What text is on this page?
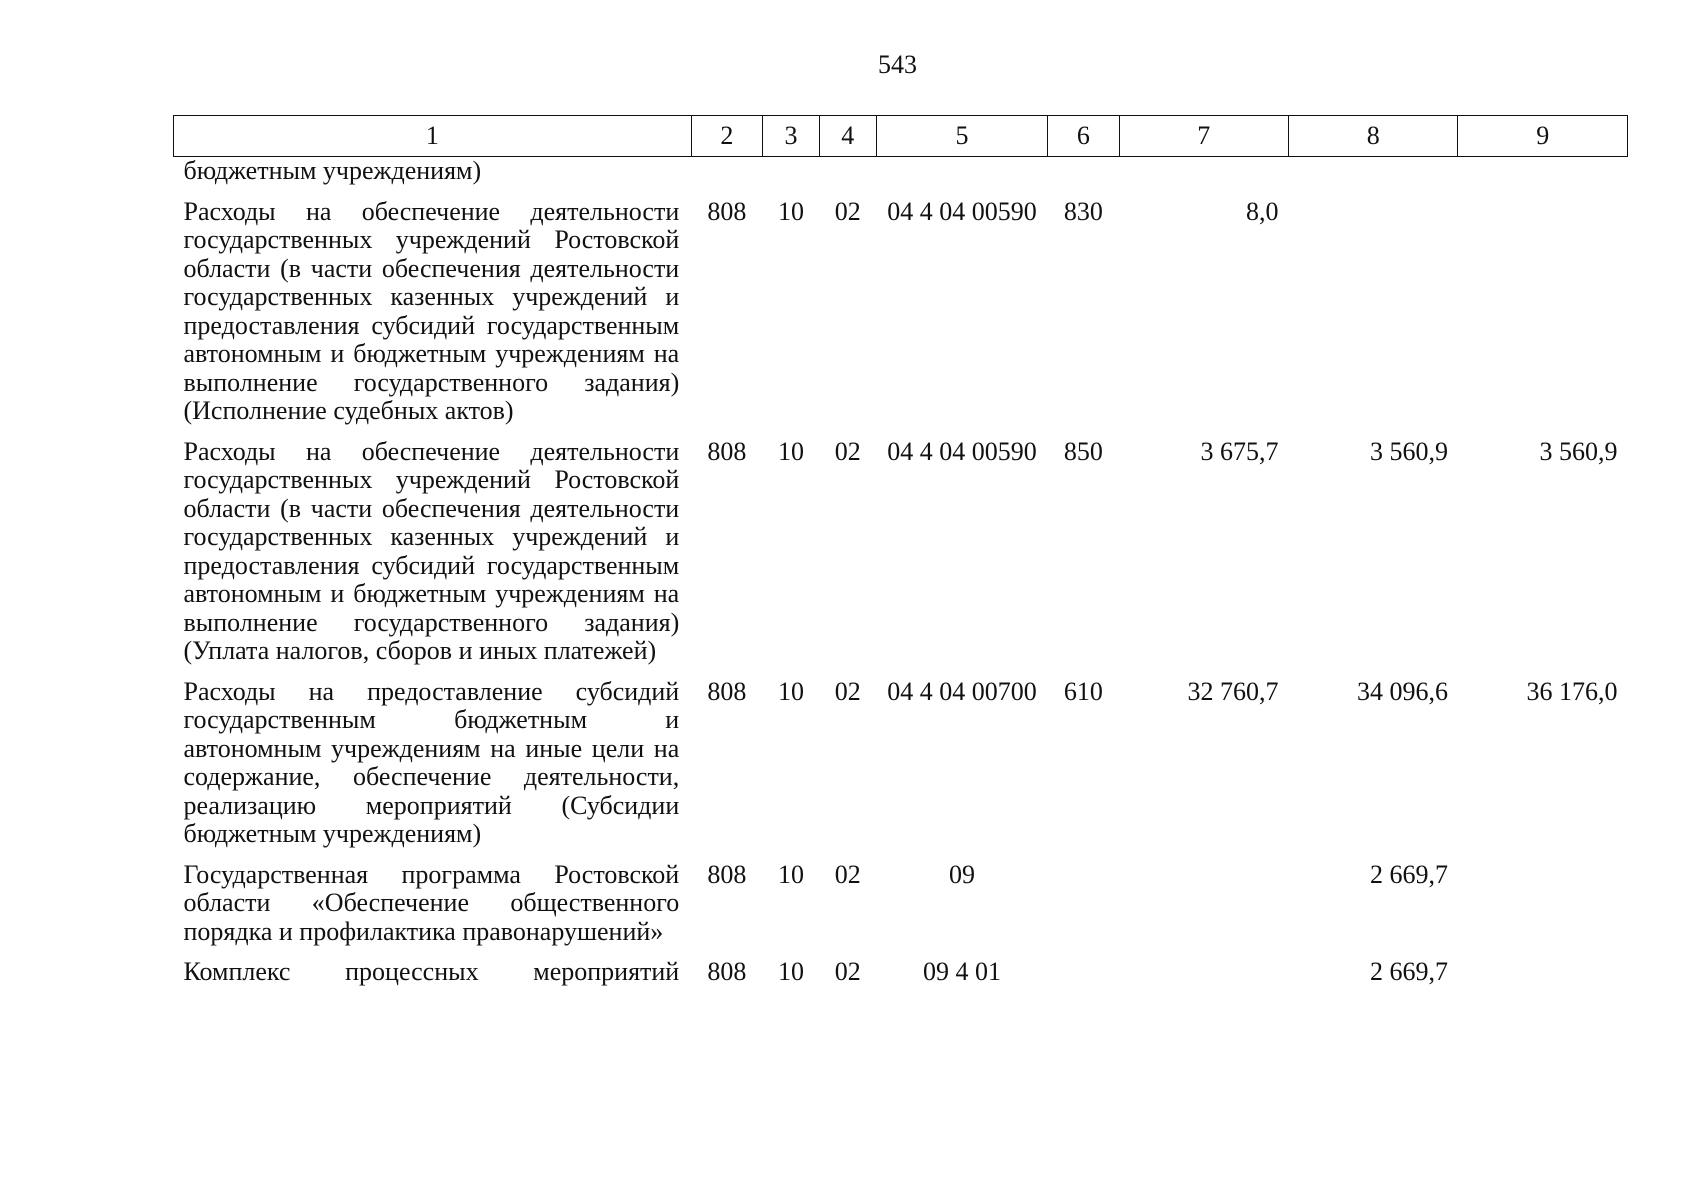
543
1	2	3	4	5	6	7	8	9
бюджетным учреждениям)								

Расходы на обеспечение деятельности государственных учреждений Ростовской области (в части обеспечения деятельности государственных казенных учреждений и предоставления субсидий государственным автономным и бюджетным учреждениям на выполнение государственного задания) (Исполнение судебных актов)	808	10	02	04 4 04 00590	830	8,0		

Расходы на обеспечение деятельности государственных учреждений Ростовской области (в части обеспечения деятельности государственных казенных учреждений и предоставления субсидий государственным автономным и бюджетным учреждениям на выполнение государственного задания) (Уплата налогов, сборов и иных платежей)	808	10	02	04 4 04 00590	850	3 675,7	3 560,9	3 560,9

Расходы на предоставление субсидий государственным бюджетным и автономным учреждениям на иные цели на содержание, обеспечение деятельности, реализацию мероприятий (Субсидии бюджетным учреждениям)	808	10	02	04 4 04 00700	610	32 760,7	34 096,6	36 176,0

Государственная программа Ростовской области «Обеспечение общественного порядка и профилактика правонарушений»	808	10	02	09			2 669,7	

Комплекс процессных мероприятий	808	10	02	09 4 01			2 669,7	
